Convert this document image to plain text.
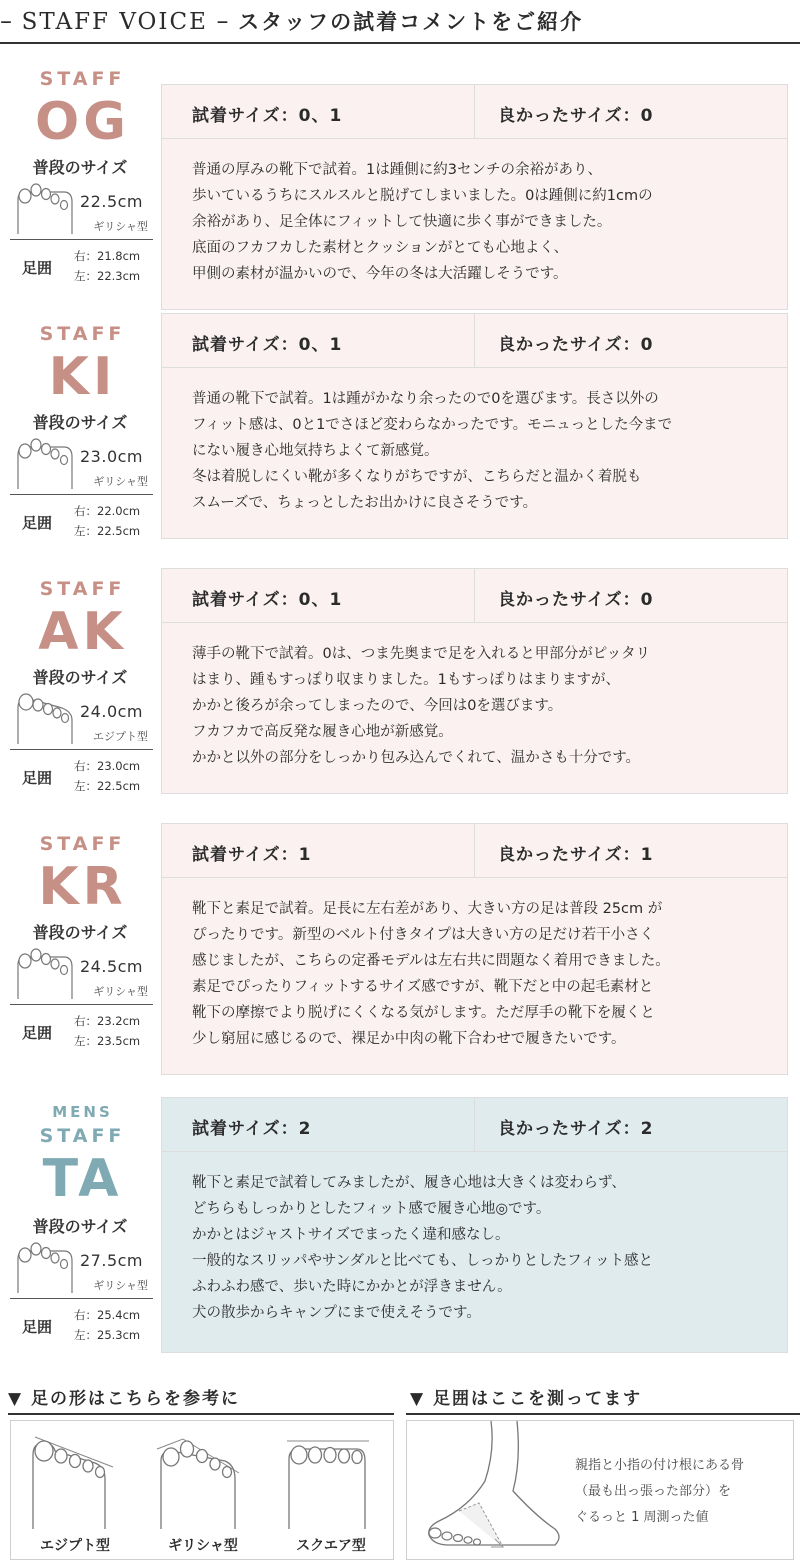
– STAFF VOICE – スタッフの試着コメントをご紹介
STAFF
OG
普段のサイズ
22.5cm
ギリシャ型
足囲
右：21.8cm
左：22.3cm
試着サイズ：0、1	良かったサイズ：0
普通の厚みの靴下で試着。1は踵側に約3センチの余裕があり、
歩いているうちにスルスルと脱げてしまいました。0は踵側に約1cmの
余裕があり、足全体にフィットして快適に歩く事ができました。
底面のフカフカした素材とクッションがとても心地よく、
甲側の素材が温かいので、今年の冬は大活躍しそうです。
STAFF
KI
普段のサイズ
23.0cm
ギリシャ型
足囲
右：22.0cm
左：22.5cm
試着サイズ：0、1	良かったサイズ：0
普通の靴下で試着。1は踵がかなり余ったので0を選びます。長さ以外の
フィット感は、0と1でさほど変わらなかったです。モニュっとした今まで
にない履き心地気持ちよくて新感覚。
冬は着脱しにくい靴が多くなりがちですが、こちらだと温かく着脱も
スムーズで、ちょっとしたお出かけに良さそうです。
STAFF
AK
普段のサイズ
24.0cm
エジプト型
足囲
右：23.0cm
左：22.5cm
試着サイズ：0、1	良かったサイズ：0
薄手の靴下で試着。0は、つま先奥まで足を入れると甲部分がピッタリ
はまり、踵もすっぽり収まりました。1もすっぽりはまりますが、
かかと後ろが余ってしまったので、今回は0を選びます。
フカフカで高反発な履き心地が新感覚。
かかと以外の部分をしっかり包み込んでくれて、温かさも十分です。
STAFF
KR
普段のサイズ
24.5cm
ギリシャ型
足囲
右：23.2cm
左：23.5cm
試着サイズ：1	良かったサイズ：1
靴下と素足で試着。足長に左右差があり、大きい方の足は普段 25cm が
ぴったりです。新型のベルト付きタイプは大きい方の足だけ若干小さく
感じましたが、こちらの定番モデルは左右共に問題なく着用できました。
素足でぴったりフィットするサイズ感ですが、靴下だと中の起毛素材と
靴下の摩擦でより脱げにくくなる気がします。ただ厚手の靴下を履くと
少し窮屈に感じるので、裸足か中肉の靴下合わせで履きたいです。
MENS
STAFF
TA
普段のサイズ
27.5cm
ギリシャ型
足囲
右：25.4cm
左：25.3cm
試着サイズ：2	良かったサイズ：2
靴下と素足で試着してみましたが、履き心地は大きくは変わらず、
どちらもしっかりとしたフィット感で履き心地◎です。
かかとはジャストサイズでまったく違和感なし。
一般的なスリッパやサンダルと比べても、しっかりとしたフィット感と
ふわふわ感で、歩いた時にかかとが浮きません。
犬の散歩からキャンプにまで使えそうです。
▼ 足の形はこちらを参考に
エジプト型	ギリシャ型	スクエア型
▼ 足囲はここを測ってます
親指と小指の付け根にある骨
（最も出っ張った部分）を
ぐるっと 1 周測った値
